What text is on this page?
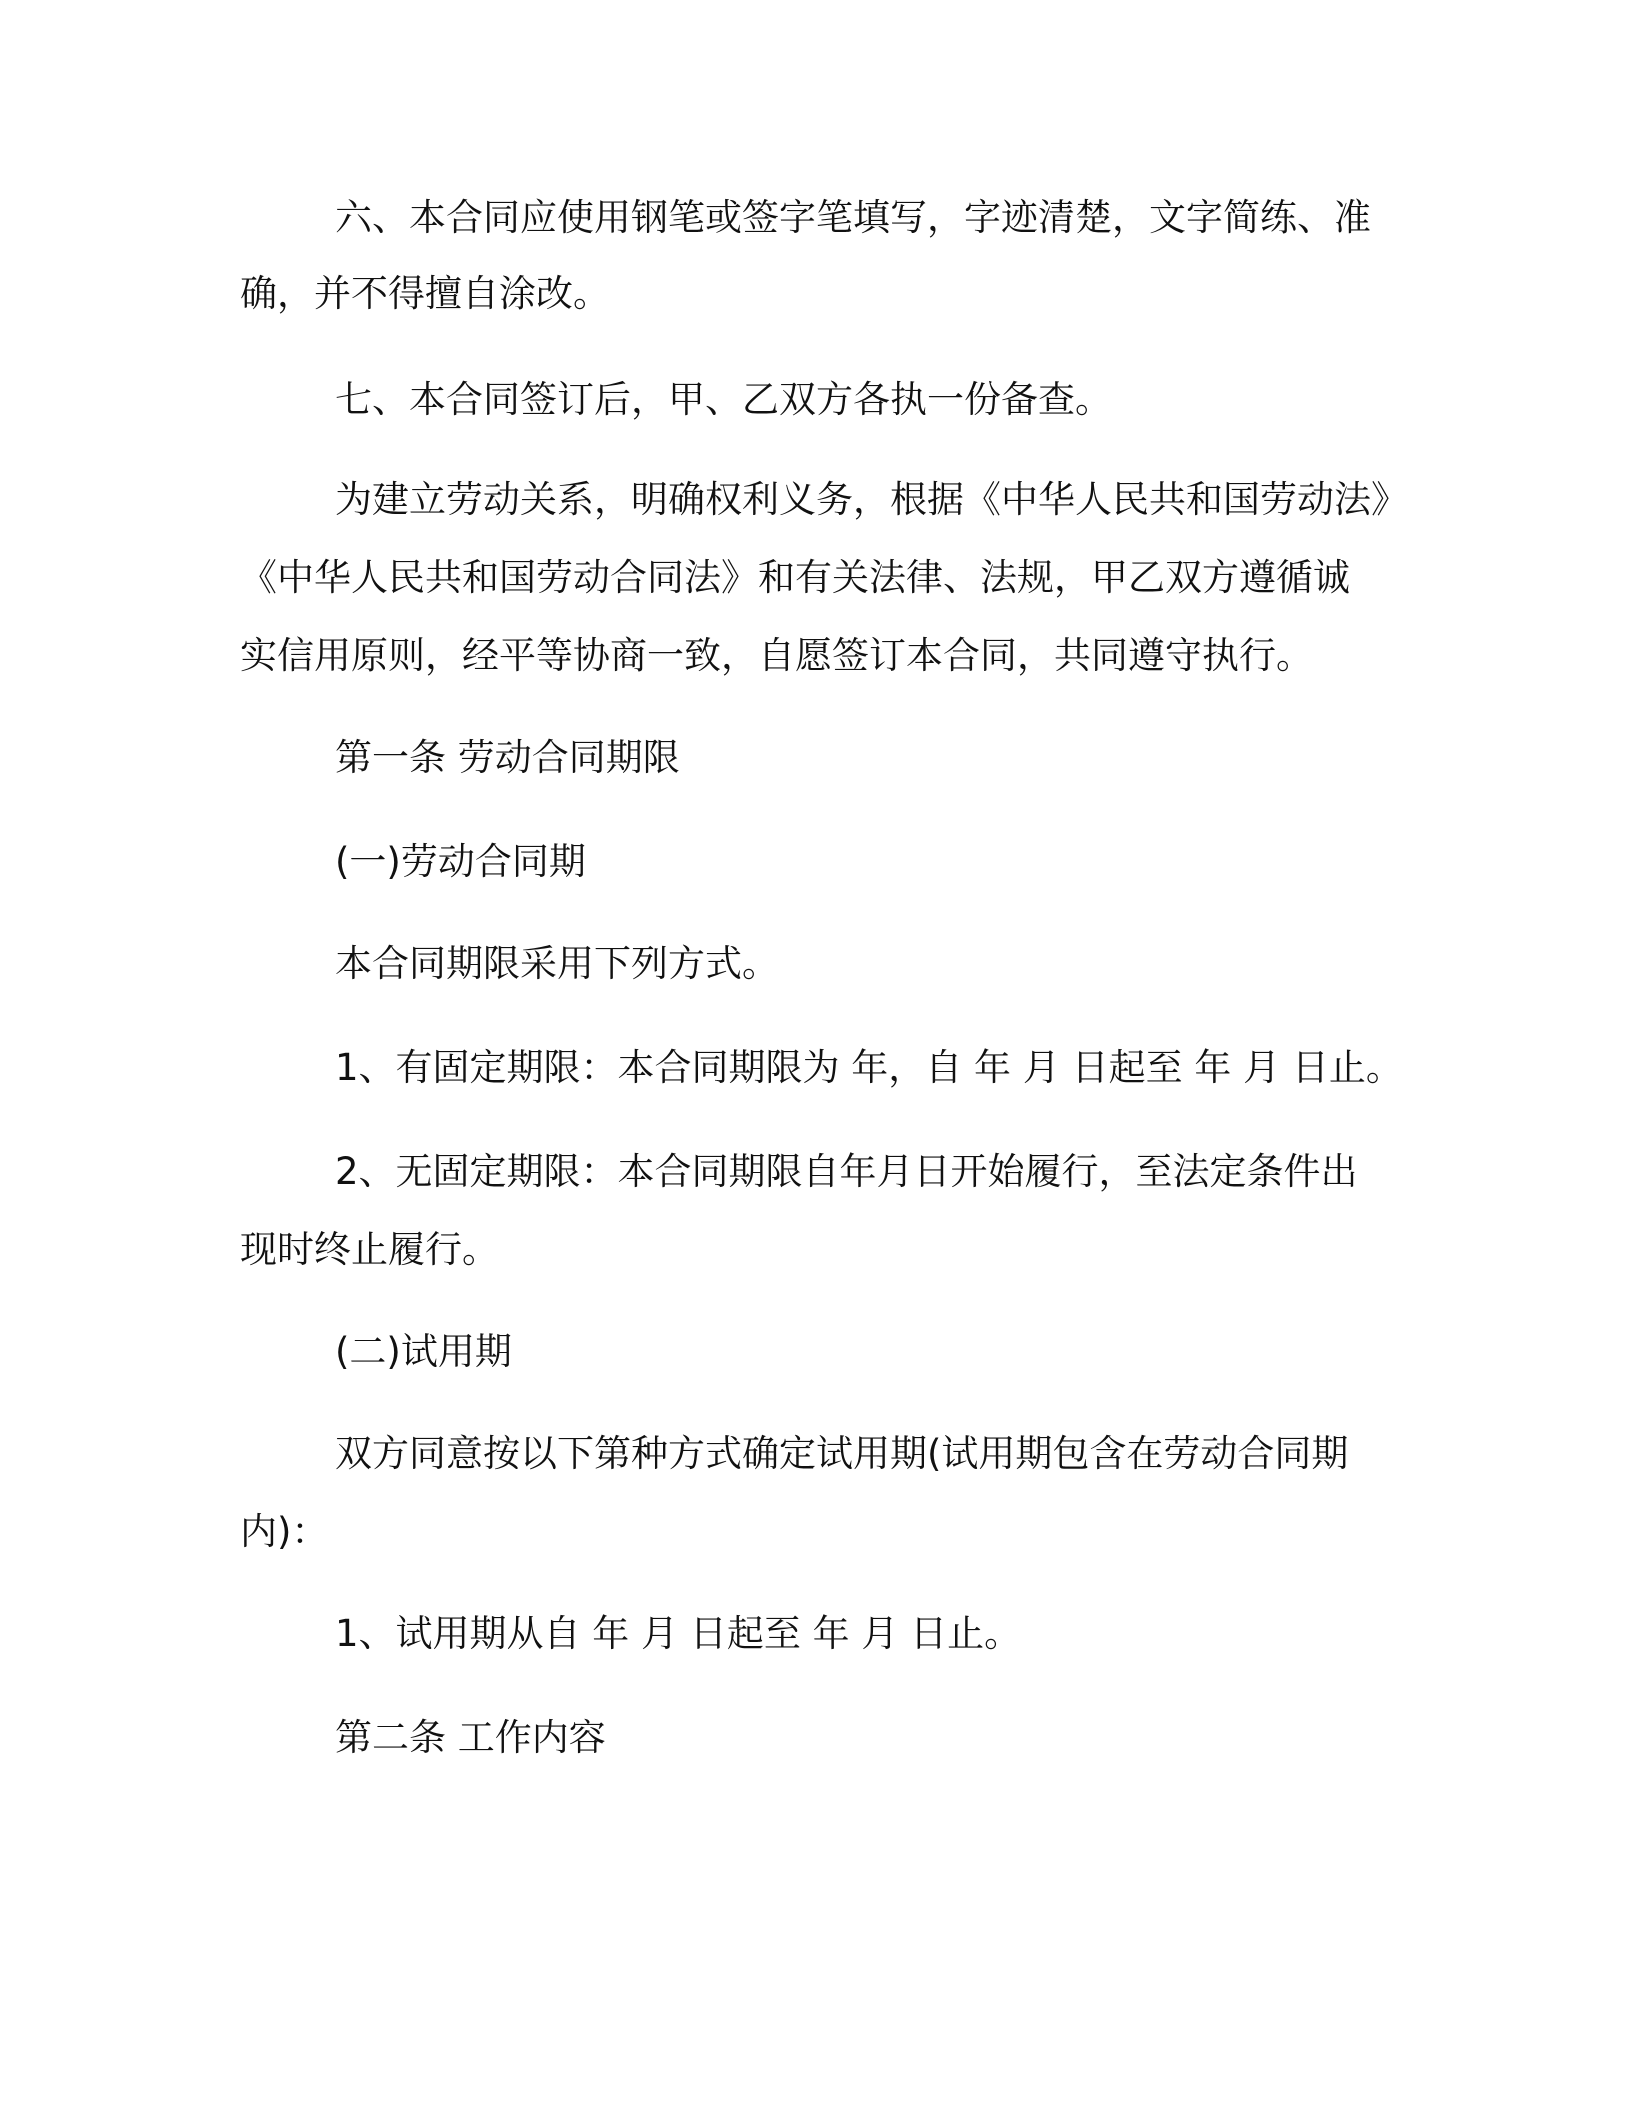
六、本合同应使用钢笔或签字笔填写，字迹清楚，文字简练、准
确，并不得擅自涂改。
七、本合同签订后，甲、乙双方各执一份备查。
为建立劳动关系，明确权利义务，根据《中华人民共和国劳动法》
《中华人民共和国劳动合同法》和有关法律、法规，甲乙双方遵循诚
实信用原则，经平等协商一致，自愿签订本合同，共同遵守执行。
第一条 劳动合同期限
(一)劳动合同期
本合同期限采用下列方式。
1、有固定期限：本合同期限为 年，自 年 月 日起至 年 月 日止。
2、无固定期限：本合同期限自年月日开始履行，至法定条件出
现时终止履行。
(二)试用期
双方同意按以下第种方式确定试用期(试用期包含在劳动合同期
内)：
1、试用期从自 年 月 日起至 年 月 日止。
第二条 工作内容
